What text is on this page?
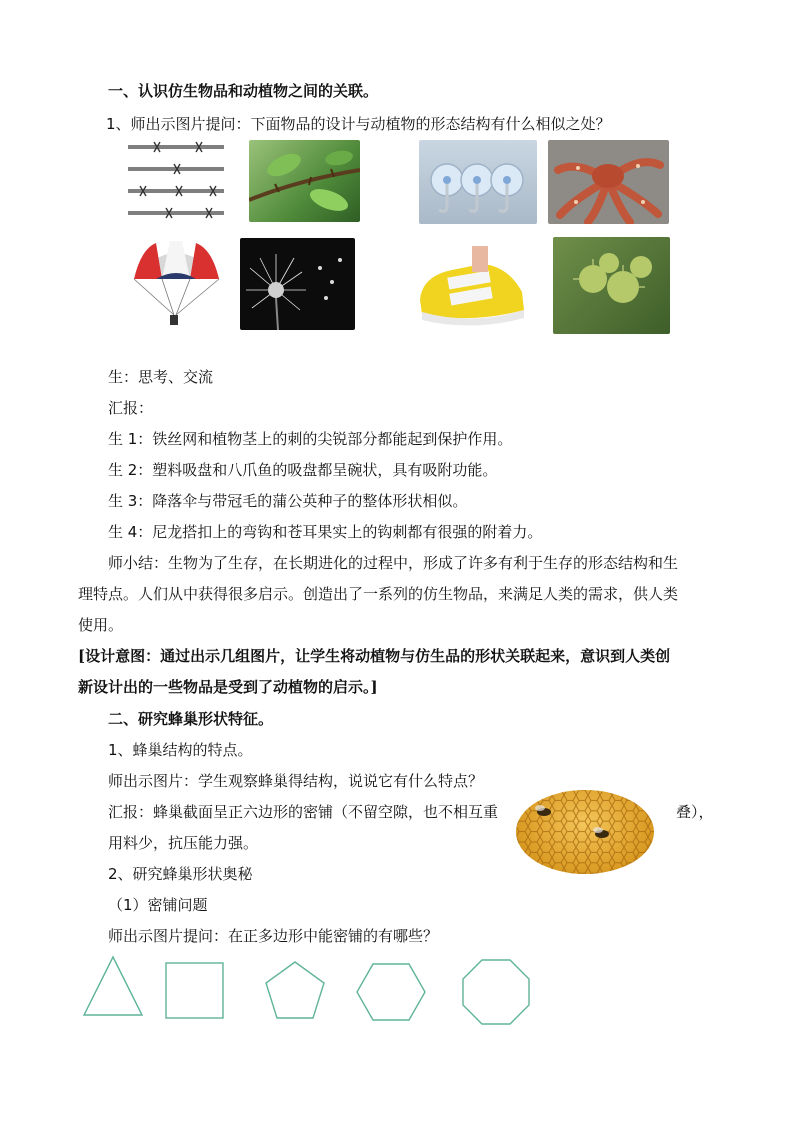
一、认识仿生物品和动植物之间的关联。
1、师出示图片提问：下面物品的设计与动植物的形态结构有什么相似之处？
生：思考、交流
汇报：
生 1：铁丝网和植物茎上的刺的尖锐部分都能起到保护作用。
生 2：塑料吸盘和八爪鱼的吸盘都呈碗状，具有吸附功能。
生 3：降落伞与带冠毛的蒲公英种子的整体形状相似。
生 4：尼龙搭扣上的弯钩和苍耳果实上的钩刺都有很强的附着力。
师小结：生物为了生存，在长期进化的过程中，形成了许多有利于生存的形态结构和生
理特点。人们从中获得很多启示。创造出了一系列的仿生物品，来满足人类的需求，供人类
使用。
[设计意图：通过出示几组图片，让学生将动植物与仿生品的形状关联起来，意识到人类创
新设计出的一些物品是受到了动植物的启示。]
二、研究蜂巢形状特征。
1、蜂巢结构的特点。
师出示图片：学生观察蜂巢得结构，说说它有什么特点？
汇报：蜂巢截面呈正六边形的密铺（不留空隙，也不相互重	叠），
用料少，抗压能力强。
2、研究蜂巢形状奥秘
（1）密铺问题
师出示图片提问：在正多边形中能密铺的有哪些？
